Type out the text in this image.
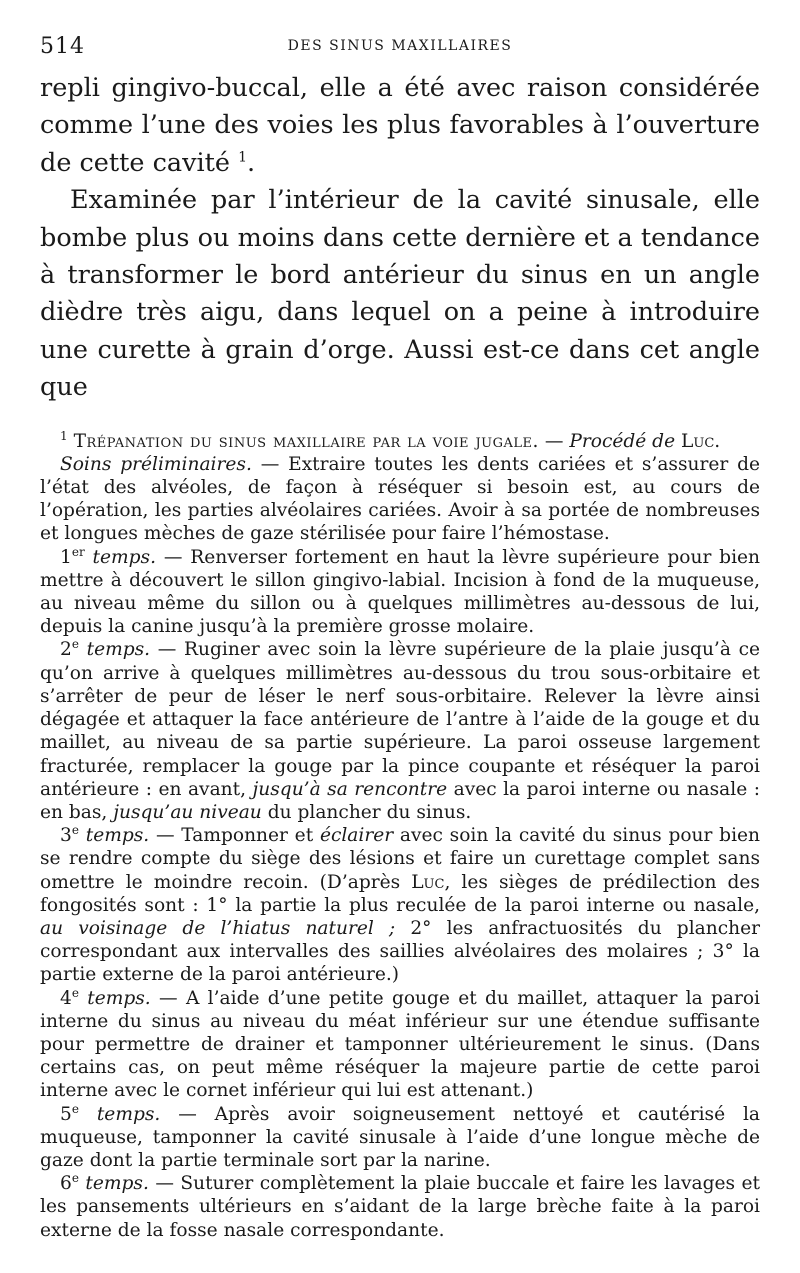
514	DES SINUS MAXILLAIRES

repli gingivo-buccal, elle a été avec raison considérée comme l’une des voies les plus favorables à l’ouverture de cette cavité $^1$.

Examinée par l’intérieur de la cavité sinusale, elle bombe plus ou moins dans cette dernière et a tendance à transformer le bord antérieur du sinus en un angle dièdre très aigu, dans lequel on a peine à introduire une curette à grain d’orge. Aussi est-ce dans cet angle que

$^1$ Trépanation du sinus maxillaire par la voie jugale. — Procédé de Luc.

Soins préliminaires. — Extraire toutes les dents cariées et s’assurer de l’état des alvéoles, de façon à réséquer si besoin est, au cours de l’opération, les parties alvéolaires cariées. Avoir à sa portée de nombreuses et longues mèches de gaze stérilisée pour faire l’hémostase.

1er temps. — Renverser fortement en haut la lèvre supérieure pour bien mettre à découvert le sillon gingivo-labial. Incision à fond de la muqueuse, au niveau même du sillon ou à quelques millimètres au-dessous de lui, depuis la canine jusqu’à la première grosse molaire.

2e temps. — Ruginer avec soin la lèvre supérieure de la plaie jusqu’à ce qu’on arrive à quelques millimètres au-dessous du trou sous-orbitaire et s’arrêter de peur de léser le nerf sous-orbitaire. Relever la lèvre ainsi dégagée et attaquer la face antérieure de l’antre à l’aide de la gouge et du maillet, au niveau de sa partie supérieure. La paroi osseuse largement fracturée, remplacer la gouge par la pince coupante et réséquer la paroi antérieure : en avant, jusqu’à sa rencontre avec la paroi interne ou nasale : en bas, jusqu’au niveau du plancher du sinus.

3e temps. — Tamponner et éclairer avec soin la cavité du sinus pour bien se rendre compte du siège des lésions et faire un curettage complet sans omettre le moindre recoin. (D’après Luc, les sièges de prédilection des fongosités sont : 1° la partie la plus reculée de la paroi interne ou nasale, au voisinage de l’hiatus naturel ; 2° les anfractuosités du plancher correspondant aux intervalles des saillies alvéolaires des molaires ; 3° la partie externe de la paroi antérieure.)

4e temps. — A l’aide d’une petite gouge et du maillet, attaquer la paroi interne du sinus au niveau du méat inférieur sur une étendue suffisante pour permettre de drainer et tamponner ultérieurement le sinus. (Dans certains cas, on peut même réséquer la majeure partie de cette paroi interne avec le cornet inférieur qui lui est attenant.)

5e temps. — Après avoir soigneusement nettoyé et cautérisé la muqueuse, tamponner la cavité sinusale à l’aide d’une longue mèche de gaze dont la partie terminale sort par la narine.

6e temps. — Suturer complètement la plaie buccale et faire les lavages et les pansements ultérieurs en s’aidant de la large brèche faite à la paroi externe de la fosse nasale correspondante.
